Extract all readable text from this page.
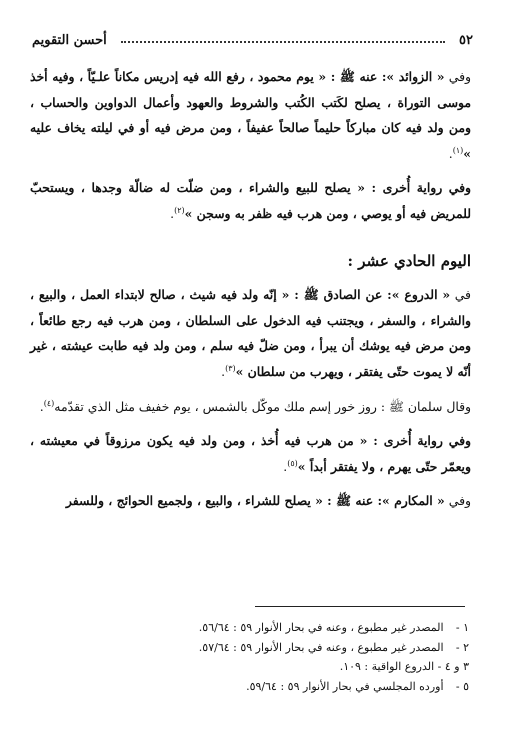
٥٢
أحسن التقويم

وفي « الزوائد »: عنه ﷺ : « يوم محمود ، رفع الله فيه إدريس مكاناً علـيّاً ، وفيه أخذ موسى التوراة ، يصلح لكَتب الكُتب والشروط والعهود وأعمال الدواوين والحساب ، ومن ولد فيه كان مباركاً حليماً صالحاً عفيفاً ، ومن مرض فيه أو في ليلته يخاف عليه »$^{(١)}$.

وفي رواية أُخرى : « يصلح للبيع والشراء ، ومن ضلّت له ضالّة وجدها ، ويستحبّ للمريض فيه أو يوصي ، ومن هرب فيه ظفر به وسجن »$^{(٢)}$.

اليوم الحادي عشر :

في « الدروع »: عن الصادق ﷺ : « إنّه ولد فيه شيث ، صالح لابتداء العمل ، والبيع ، والشراء ، والسفر ، ويجتنب فيه الدخول على السلطان ، ومن هرب فيه رجع طائعاً ، ومن مرض فيه يوشك أن يبرأ ، ومن ضلّ فيه سلم ، ومن ولد فيه طابت عيشته ، غير أنّه لا يموت حتّى يفتقر ، ويهرب من سلطان »$^{(٣)}$.

وقال سلمان ﷺ : روز خور إسم ملك موكّل بالشمس ، يوم خفيف مثل الذي تقدّمه$^{(٤)}$.

وفي رواية أُخرى : « من هرب فيه أُخذ ، ومن ولد فيه يكون مرزوقاً في معيشته ، ويعمّر حتّى يهرم ، ولا يفتقر أبداً »$^{(٥)}$.

وفي « المكارم »: عنه ﷺ : « يصلح للشراء ، والبيع ، ولجميع الحوائج ، وللسفر

١ - المصدر غير مطبوع ، وعنه في بحار الأنوار ٥٩ : ٥٦/٦٤.

٢ - المصدر غير مطبوع ، وعنه في بحار الأنوار ٥٩ : ٥٧/٦٤.

٣ و ٤ - الدروع الواقية : ١٠٩.

٥ - أورده المجلسي في بحار الأنوار ٥٩ : ٥٩/٦٤.
